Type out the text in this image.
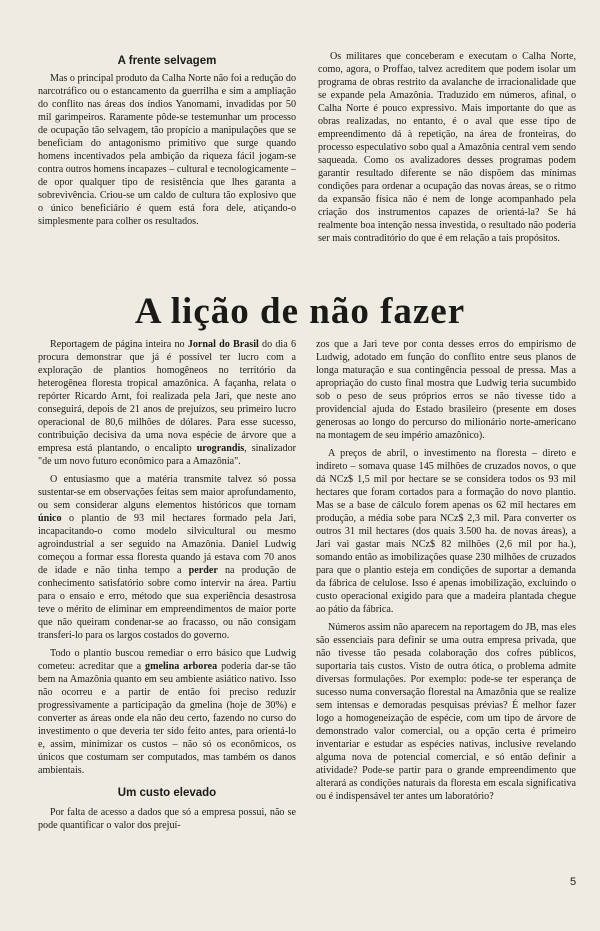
A frente selvagem

Mas o principal produto da Calha Norte não foi a redução do narcotráfico ou o estancamento da guerrilha e sim a ampliação do conflito nas áreas dos índios Yanomami, invadidas por 50 mil garimpeiros. Raramente pôde-se testemunhar um processo de ocupação tão selvagem, tão propício a manipulações que se beneficiam do antagonismo primitivo que surge quando homens incentivados pela ambição da riqueza fácil jogam-se contra outros homens incapazes – cultural e tecnologicamente – de opor qualquer tipo de resistência que lhes garanta a sobrevivência. Criou-se um caldo de cultura tão explosivo que o único beneficiário é quem está fora dele, atiçando-o simplesmente para colher os resultados.

Os militares que conceberam e executam o Calha Norte, como, agora, o Proffao, talvez acreditem que podem isolar um programa de obras restrito da avalanche de irracionalidade que se expande pela Amazônia. Traduzido em números, afinal, o Calha Norte é pouco expressivo. Mais importante do que as obras realizadas, no entanto, é o aval que esse tipo de empreendimento dá à repetição, na área de fronteiras, do processo especulativo sobo qual a Amazônia central vem sendo saqueada. Como os avalizadores desses programas podem garantir resultado diferente se não dispõem das mínimas condições para ordenar a ocupação das novas áreas, se o ritmo da expansão física não é nem de longe acompanhado pela criação dos instrumentos capazes de orientá-la? Se há realmente boa intenção nessa investida, o resultado não poderia ser mais contraditório do que é em relação a tais propósitos.

A lição de não fazer

Reportagem de página inteira no Jornal do Brasil do dia 6 procura demonstrar que já é possível ter lucro com a exploração de plantios homogêneos no território da heterogênea floresta tropical amazônica. A façanha, relata o repórter Ricardo Arnt, foi realizada pela Jari, que neste ano conseguirá, depois de 21 anos de prejuízos, seu primeiro lucro operacional de 80,6 milhões de dólares. Para esse sucesso, contribuição decisiva da uma nova espécie de árvore que a empresa está plantando, o encalipto urograndis, sinalizador "de um novo futuro econômico para a Amazônia".

O entusiasmo que a matéria transmite talvez só possa sustentar-se em observações feitas sem maior aprofundamento, ou sem considerar alguns elementos históricos que tornam único o plantio de 93 mil hectares formado pela Jari, incapacitando-o como modelo silvicultural ou mesmo agroindustrial a ser seguido na Amazônia. Daniel Ludwig começou a formar essa floresta quando já estava com 70 anos de idade e não tinha tempo a perder na produção de conhecimento satisfatório sobre como intervir na área. Partiu para o ensaio e erro, método que sua experiência desastrosa teve o mérito de eliminar em empreendimentos de maior porte que não queiram condenar-se ao fracasso, ou não consigam transferi-lo para os largos costados do governo.

Todo o plantio buscou remediar o erro básico que Ludwig cometeu: acreditar que a gmelina arborea poderia dar-se tão bem na Amazônia quanto em seu ambiente asiático nativo. Isso não ocorreu e a partir de então foi preciso reduzir progressivamente a participação da gmelina (hoje de 30%) e converter as áreas onde ela não deu certo, fazendo no curso do investimento o que deveria ter sido feito antes, para orientá-lo e, assim, minimizar os custos – não só os econômicos, os únicos que costumam ser computados, mas também os danos ambientais.

Um custo elevado

Por falta de acesso a dados que só a empresa possui, não se pode quantificar o valor dos prejuí-

zos que a Jari teve por conta desses erros do empirismo de Ludwig, adotado em função do conflito entre seus planos de longa maturação e sua contingência pessoal de pressa. Mas a apropriação do custo final mostra que Ludwig teria sucumbido sob o peso de seus próprios erros se não tivesse tido a providencial ajuda do Estado brasileiro (presente em doses generosas ao longo do percurso do milionário norte-americano na montagem de seu império amazônico).

A preços de abril, o investimento na floresta – direto e indireto – somava quase 145 milhões de cruzados novos, o que dá NCz$ 1,5 mil por hectare se se considera todos os 93 mil hectares que foram cortados para a formação do novo plantio. Mas se a base de cálculo forem apenas os 62 mil hectares em produção, a média sobe para NCz$ 2,3 mil. Para converter os outros 31 mil hectares (dos quais 3.500 ha. de novas áreas), a Jari vai gastar mais NCz$ 82 milhões (2,6 mil por ha.), somando então as imobilizações quase 230 milhões de cruzados para que o plantio esteja em condições de suportar a demanda da fábrica de celulose. Isso é apenas imobilização, excluindo o custo operacional exigido para que a madeira plantada chegue ao pátio da fábrica.

Números assim não aparecem na reportagem do JB, mas eles são essenciais para definir se uma outra empresa privada, que não tivesse tão pesada colaboração dos cofres públicos, suportaria tais custos. Visto de outra ótica, o problema admite diversas formulações. Por exemplo: pode-se ter esperança de sucesso numa conversação florestal na Amazônia que se realize sem intensas e demoradas pesquisas prévias? É melhor fazer logo a homogeneização de espécie, com um tipo de árvore de demonstrado valor comercial, ou a opção certa é primeiro inventariar e estudar as espécies nativas, inclusive revelando alguma nova de potencial comercial, e só então definir a atividade? Pode-se partir para o grande empreendimento que alterará as condições naturais da floresta em escala significativa ou é indispensável ter antes um laboratório?

5
